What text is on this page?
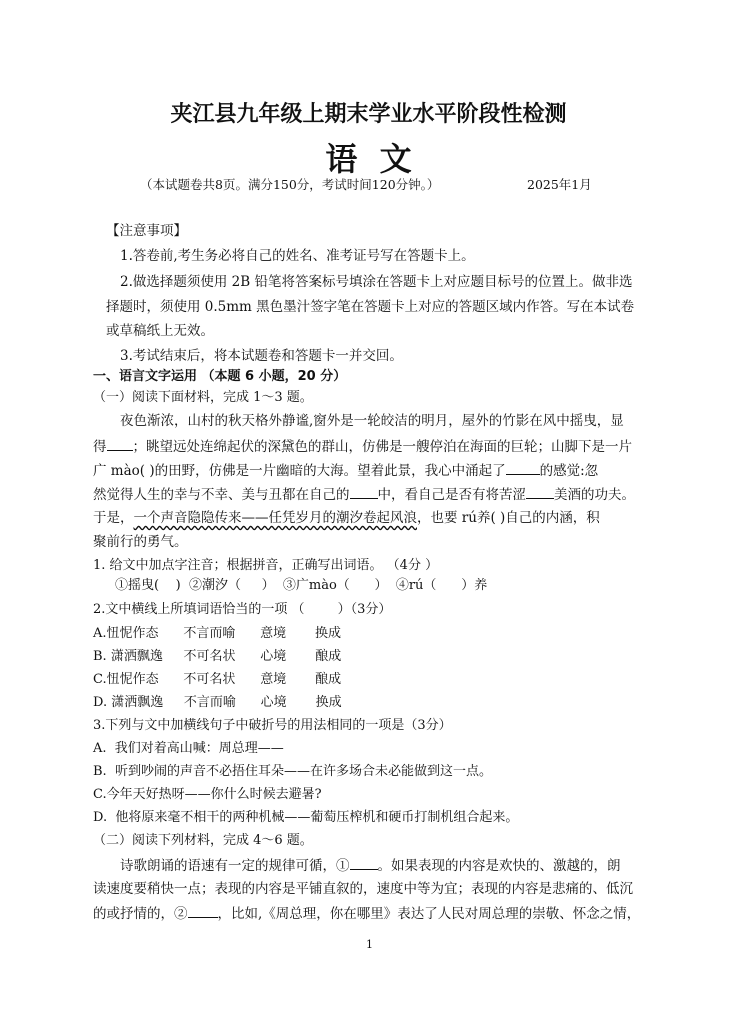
夹江县九年级上期末学业水平阶段性检测
语  文
（本试题卷共8页。满分150分，考试时间120分钟。）	2025年1月
【注意事项】
1.答卷前,考生务必将自己的姓名、准考证号写在答题卡上。
2.做选择题须使用 2B 铅笔将答案标号填涂在答题卡上对应题目标号的位置上。做非选
择题时，须使用 0.5mm 黑色墨汁签字笔在答题卡上对应的答题区域内作答。写在本试卷
或草稿纸上无效。
3.考试结束后，将本试题卷和答题卡一并交回。
一、语言文字运用 （本题 6 小题，20 分）
（一）阅读下面材料，完成 1～3 题。
夜色渐浓，山村的秋天格外静谧,窗外是一轮皎洁的明月，屋外的竹影在风中摇曳，显
得 ；眺望远处连绵起伏的深黛色的群山，仿佛是一艘停泊在海面的巨轮；山脚下是一片
广 mào( )的田野，仿佛是一片幽暗的大海。望着此景，我心中涌起了	的感觉:忽
然觉得人生的幸与不幸、美与丑都在自己的 中，看自己是否有将苦涩 美酒的功夫。
于是，一个声音隐隐传来——任凭岁月的潮汐卷起风浪，也要 rú养( )自己的内涵，积
聚前行的勇气。
1. 给文中加点字注音；根据拼音，正确写出词语。 （4分 ）
①摇曳(    )  ②潮汐（     ）  ③广mào（      ）  ④rú（      ）养
2.文中横线上所填词语恰当的一项 （        ）（3分）
A.忸怩作态      不言而喻      意境       换成
B. 潇洒飘逸     不可名状      心境       酿成
C.忸怩作态      不可名状      意境       酿成
D. 潇洒飘逸     不言而喻      心境       换成
3.下列与文中加横线句子中破折号的用法相同的一项是（3分）
A.  我们对着高山喊：周总理——
B.  听到吵闹的声音不必捂住耳朵——在许多场合未必能做到这一点。
C.今年天好热呀——你什么时候去避暑?
D.  他将原来毫不相干的两种机械——葡萄压榨机和硬币打制机组合起来。
（二）阅读下列材料，完成 4～6 题。
诗歌朗诵的语速有一定的规律可循，① 。如果表现的内容是欢快的、激越的，朗
读速度要稍快一点；表现的内容是平铺直叙的，速度中等为宜；表现的内容是悲痛的、低沉
的或抒情的，② ，比如,《周总理，你在哪里》表达了人民对周总理的崇敬、怀念之情，
1
